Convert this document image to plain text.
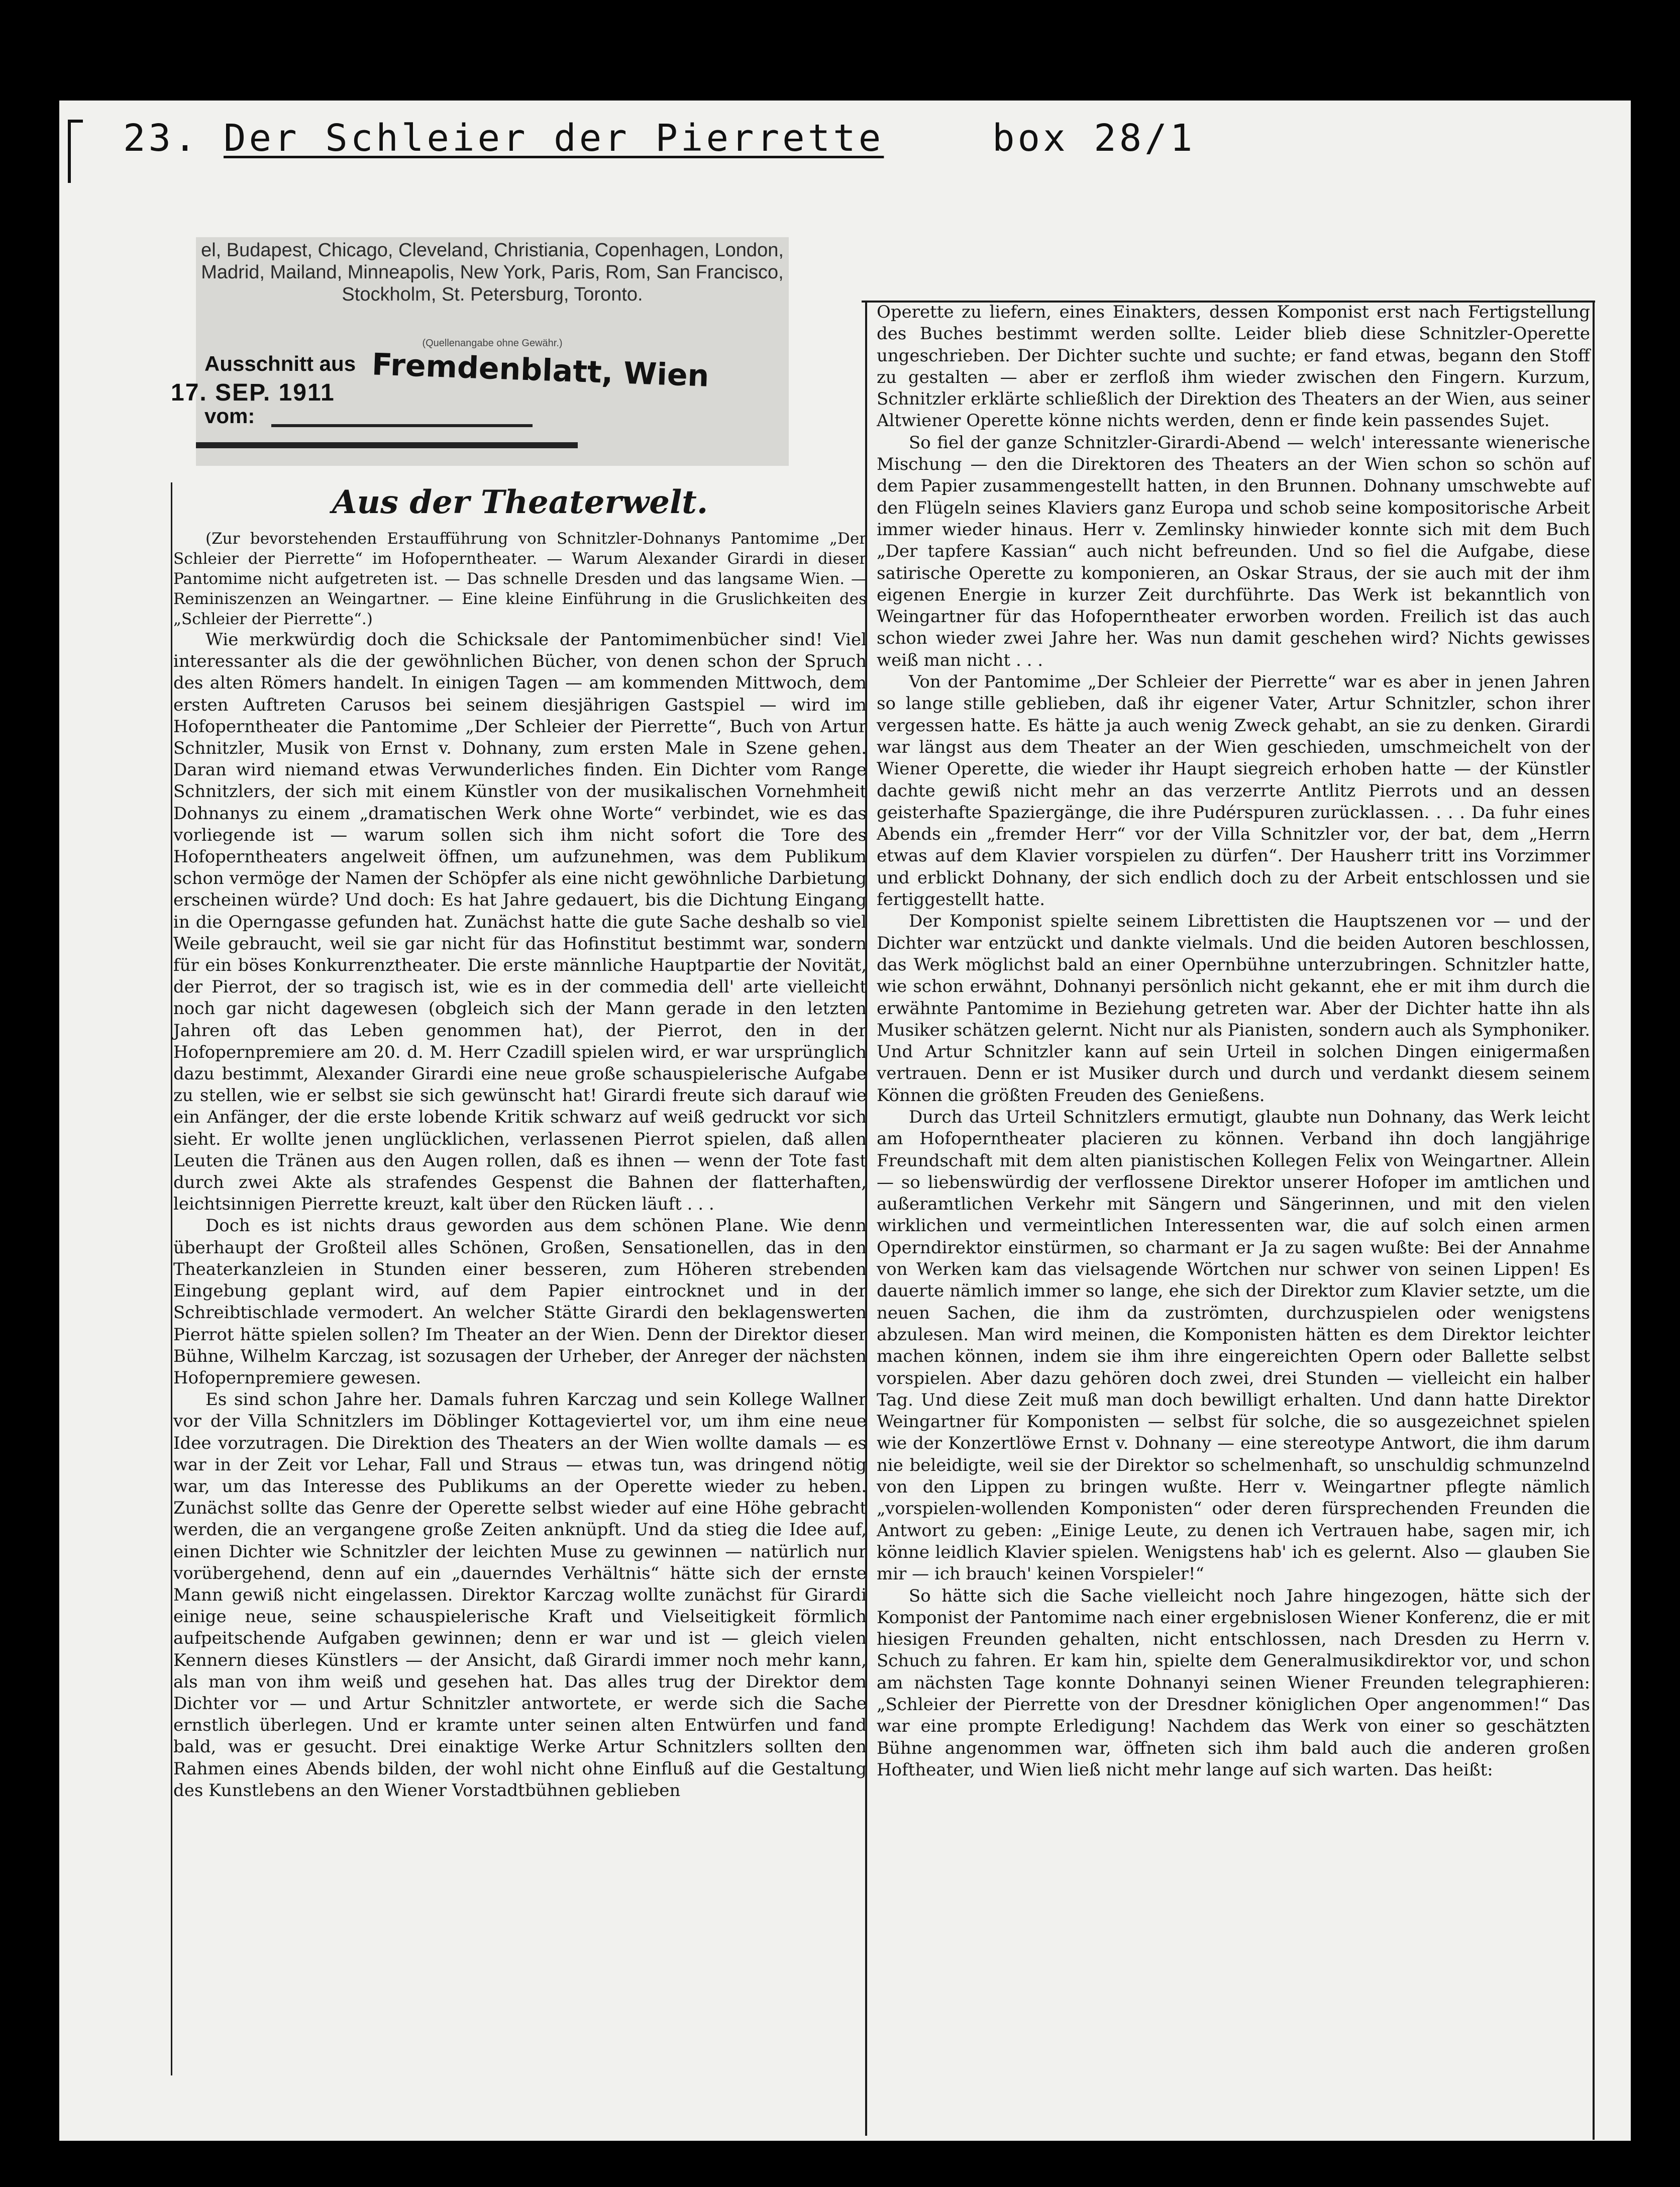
23. Der Schleier der Pierrette	box 28/1
el, Budapest, Chicago, Cleveland, Christiania, Copenhagen, London, Madrid, Mailand, Minneapolis, New York, Paris, Rom, San Francisco, Stockholm, St. Petersburg, Toronto.
(Quellenangabe ohne Gewähr.)
Ausschnitt aus
17. SEP. 1911 Fremdenblatt, Wien
vom:
Aus der Theaterwelt.

(Zur bevorstehenden Erstaufführung von Schnitzler-Dohnanys Pantomime „Der Schleier der Pierrette“ im Hofoperntheater. — Warum Alexander Girardi in dieser Pantomime nicht aufgetreten ist. — Das schnelle Dresden und das langsame Wien. — Reminiszenzen an Weingartner. — Eine kleine Einführung in die Gruslichkeiten des „Schleier der Pierrette“.)

Wie merkwürdig doch die Schicksale der Pantomimenbücher sind! Viel interessanter als die der gewöhnlichen Bücher, von denen schon der Spruch des alten Römers handelt. In einigen Tagen — am kommenden Mittwoch, dem ersten Auftreten Carusos bei seinem diesjährigen Gastspiel — wird im Hofoperntheater die Pantomime „Der Schleier der Pierrette“, Buch von Artur Schnitzler, Musik von Ernst v. Dohnany, zum ersten Male in Szene gehen. Daran wird niemand etwas Verwunderliches finden. Ein Dichter vom Range Schnitzlers, der sich mit einem Künstler von der musikalischen Vornehmheit Dohnanys zu einem „dramatischen Werk ohne Worte“ verbindet, wie es das vorliegende ist — warum sollen sich ihm nicht sofort die Tore des Hofoperntheaters angelweit öffnen, um aufzunehmen, was dem Publikum schon vermöge der Namen der Schöpfer als eine nicht gewöhnliche Darbietung erscheinen würde? Und doch: Es hat Jahre gedauert, bis die Dichtung Eingang in die Operngasse gefunden hat. Zunächst hatte die gute Sache deshalb so viel Weile gebraucht, weil sie gar nicht für das Hofinstitut bestimmt war, sondern für ein böses Konkurrenztheater. Die erste männliche Hauptpartie der Novität, der Pierrot, der so tragisch ist, wie es in der commedia dell' arte vielleicht noch gar nicht dagewesen (obgleich sich der Mann gerade in den letzten Jahren oft das Leben genommen hat), der Pierrot, den in der Hofopernpremiere am 20. d. M. Herr Czadill spielen wird, er war ursprünglich dazu bestimmt, Alexander Girardi eine neue große schauspielerische Aufgabe zu stellen, wie er selbst sie sich gewünscht hat! Girardi freute sich darauf wie ein Anfänger, der die erste lobende Kritik schwarz auf weiß gedruckt vor sich sieht. Er wollte jenen unglücklichen, verlassenen Pierrot spielen, daß allen Leuten die Tränen aus den Augen rollen, daß es ihnen — wenn der Tote fast durch zwei Akte als strafendes Gespenst die Bahnen der flatterhaften, leichtsinnigen Pierrette kreuzt, kalt über den Rücken läuft . . .

Doch es ist nichts draus geworden aus dem schönen Plane. Wie denn überhaupt der Großteil alles Schönen, Großen, Sensationellen, das in den Theaterkanzleien in Stunden einer besseren, zum Höheren strebenden Eingebung geplant wird, auf dem Papier eintrocknet und in der Schreibtischlade vermodert. An welcher Stätte Girardi den beklagenswerten Pierrot hätte spielen sollen? Im Theater an der Wien. Denn der Direktor dieser Bühne, Wilhelm Karczag, ist sozusagen der Urheber, der Anreger der nächsten Hofopernpremiere gewesen.

Es sind schon Jahre her. Damals fuhren Karczag und sein Kollege Wallner vor der Villa Schnitzlers im Döblinger Kottageviertel vor, um ihm eine neue Idee vorzutragen. Die Direktion des Theaters an der Wien wollte damals — es war in der Zeit vor Lehar, Fall und Straus — etwas tun, was dringend nötig war, um das Interesse des Publikums an der Operette wieder zu heben. Zunächst sollte das Genre der Operette selbst wieder auf eine Höhe gebracht werden, die an vergangene große Zeiten anknüpft. Und da stieg die Idee auf, einen Dichter wie Schnitzler der leichten Muse zu gewinnen — natürlich nur vorübergehend, denn auf ein „dauerndes Verhältnis“ hätte sich der ernste Mann gewiß nicht eingelassen. Direktor Karczag wollte zunächst für Girardi einige neue, seine schauspielerische Kraft und Vielseitigkeit förmlich aufpeitschende Aufgaben gewinnen; denn er war und ist — gleich vielen Kennern dieses Künstlers — der Ansicht, daß Girardi immer noch mehr kann, als man von ihm weiß und gesehen hat. Das alles trug der Direktor dem Dichter vor — und Artur Schnitzler antwortete, er werde sich die Sache ernstlich überlegen. Und er kramte unter seinen alten Entwürfen und fand bald, was er gesucht. Drei einaktige Werke Artur Schnitzlers sollten den Rahmen eines Abends bilden, der wohl nicht ohne Einfluß auf die Gestaltung des Kunstlebens an den Wiener Vorstadtbühnen geblieben

Operette zu liefern, eines Einakters, dessen Komponist erst nach Fertigstellung des Buches bestimmt werden sollte. Leider blieb diese Schnitzler-Operette ungeschrieben. Der Dichter suchte und suchte; er fand etwas, begann den Stoff zu gestalten — aber er zerfloß ihm wieder zwischen den Fingern. Kurzum, Schnitzler erklärte schließlich der Direktion des Theaters an der Wien, aus seiner Altwiener Operette könne nichts werden, denn er finde kein passendes Sujet.

So fiel der ganze Schnitzler-Girardi-Abend — welch' interessante wienerische Mischung — den die Direktoren des Theaters an der Wien schon so schön auf dem Papier zusammengestellt hatten, in den Brunnen. Dohnany umschwebte auf den Flügeln seines Klaviers ganz Europa und schob seine kompositorische Arbeit immer wieder hinaus. Herr v. Zemlinsky hinwieder konnte sich mit dem Buch „Der tapfere Kassian“ auch nicht befreunden. Und so fiel die Aufgabe, diese satirische Operette zu komponieren, an Oskar Straus, der sie auch mit der ihm eigenen Energie in kurzer Zeit durchführte. Das Werk ist bekanntlich von Weingartner für das Hofoperntheater erworben worden. Freilich ist das auch schon wieder zwei Jahre her. Was nun damit geschehen wird? Nichts gewisses weiß man nicht . . .

Von der Pantomime „Der Schleier der Pierrette“ war es aber in jenen Jahren so lange stille geblieben, daß ihr eigener Vater, Artur Schnitzler, schon ihrer vergessen hatte. Es hätte ja auch wenig Zweck gehabt, an sie zu denken. Girardi war längst aus dem Theater an der Wien geschieden, umschmeichelt von der Wiener Operette, die wieder ihr Haupt siegreich erhoben hatte — der Künstler dachte gewiß nicht mehr an das verzerrte Antlitz Pierrots und an dessen geisterhafte Spaziergänge, die ihre Pudérspuren zurücklassen. . . . Da fuhr eines Abends ein „fremder Herr“ vor der Villa Schnitzler vor, der bat, dem „Herrn etwas auf dem Klavier vorspielen zu dürfen“. Der Hausherr tritt ins Vorzimmer und erblickt Dohnany, der sich endlich doch zu der Arbeit entschlossen und sie fertiggestellt hatte.

Der Komponist spielte seinem Librettisten die Hauptszenen vor — und der Dichter war entzückt und dankte vielmals. Und die beiden Autoren beschlossen, das Werk möglichst bald an einer Opernbühne unterzubringen. Schnitzler hatte, wie schon erwähnt, Dohnanyi persönlich nicht gekannt, ehe er mit ihm durch die erwähnte Pantomime in Beziehung getreten war. Aber der Dichter hatte ihn als Musiker schätzen gelernt. Nicht nur als Pianisten, sondern auch als Symphoniker. Und Artur Schnitzler kann auf sein Urteil in solchen Dingen einigermaßen vertrauen. Denn er ist Musiker durch und durch und verdankt diesem seinem Können die größten Freuden des Genießens.

Durch das Urteil Schnitzlers ermutigt, glaubte nun Dohnany, das Werk leicht am Hofoperntheater placieren zu können. Verband ihn doch langjährige Freundschaft mit dem alten pianistischen Kollegen Felix von Weingartner. Allein — so liebenswürdig der verflossene Direktor unserer Hofoper im amtlichen und außeramtlichen Verkehr mit Sängern und Sängerinnen, und mit den vielen wirklichen und vermeintlichen Interessenten war, die auf solch einen armen Operndirektor einstürmen, so charmant er Ja zu sagen wußte: Bei der Annahme von Werken kam das vielsagende Wörtchen nur schwer von seinen Lippen! Es dauerte nämlich immer so lange, ehe sich der Direktor zum Klavier setzte, um die neuen Sachen, die ihm da zuströmten, durchzuspielen oder wenigstens abzulesen. Man wird meinen, die Komponisten hätten es dem Direktor leichter machen können, indem sie ihm ihre eingereichten Opern oder Ballette selbst vorspielen. Aber dazu gehören doch zwei, drei Stunden — vielleicht ein halber Tag. Und diese Zeit muß man doch bewilligt erhalten. Und dann hatte Direktor Weingartner für Komponisten — selbst für solche, die so ausgezeichnet spielen wie der Konzertlöwe Ernst v. Dohnany — eine stereotype Antwort, die ihm darum nie beleidigte, weil sie der Direktor so schelmenhaft, so unschuldig schmunzelnd von den Lippen zu bringen wußte. Herr v. Weingartner pflegte nämlich „vorspielen-wollenden Komponisten“ oder deren fürsprechenden Freunden die Antwort zu geben: „Einige Leute, zu denen ich Vertrauen habe, sagen mir, ich könne leidlich Klavier spielen. Wenigstens hab' ich es gelernt. Also — glauben Sie mir — ich brauch' keinen Vorspieler!“

So hätte sich die Sache vielleicht noch Jahre hingezogen, hätte sich der Komponist der Pantomime nach einer ergebnislosen Wiener Konferenz, die er mit hiesigen Freunden gehalten, nicht entschlossen, nach Dresden zu Herrn v. Schuch zu fahren. Er kam hin, spielte dem Generalmusikdirektor vor, und schon am nächsten Tage konnte Dohnanyi seinen Wiener Freunden telegraphieren: „Schleier der Pierrette von der Dresdner königlichen Oper angenommen!“ Das war eine prompte Erledigung! Nachdem das Werk von einer so geschätzten Bühne angenommen war, öffneten sich ihm bald auch die anderen großen Hoftheater, und Wien ließ nicht mehr lange auf sich warten. Das heißt:
